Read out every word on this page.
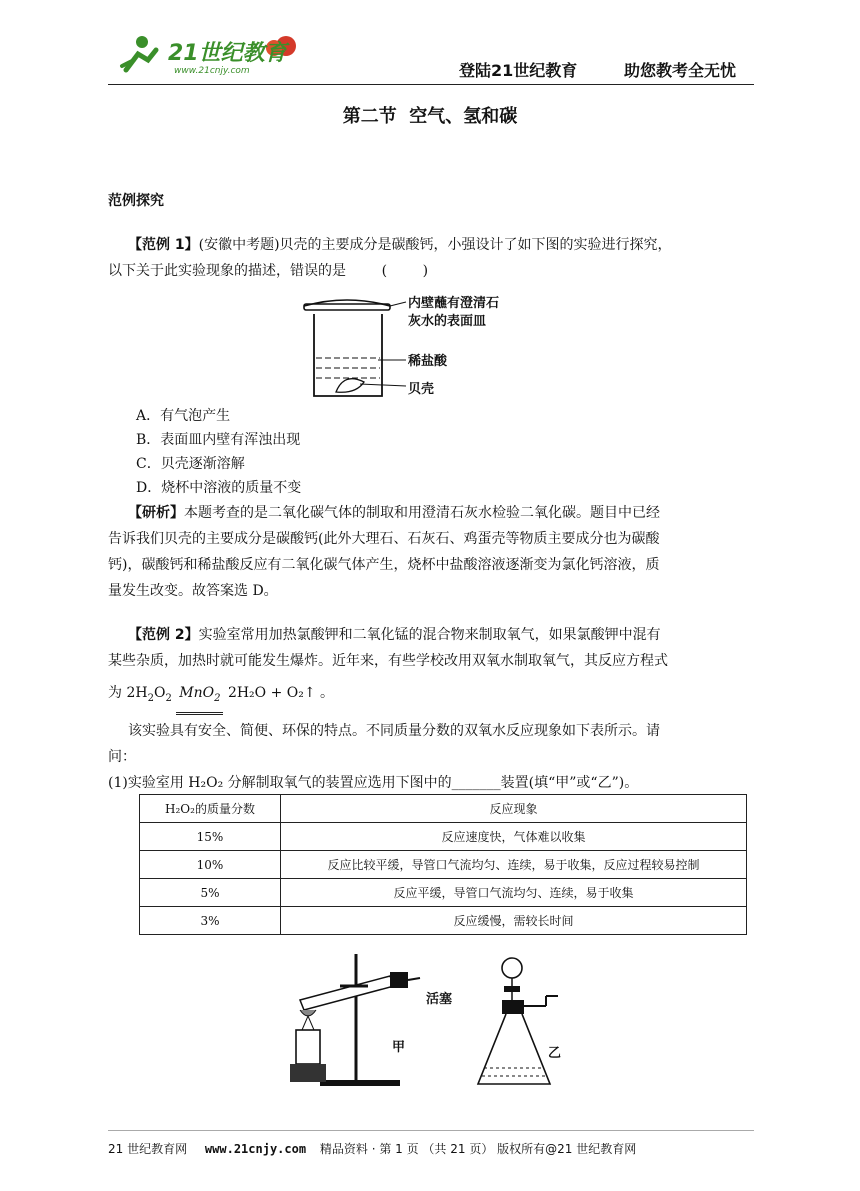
21世纪教育
www.21cnjy.com	登陆21世纪教育	助您教考全无忧
第二节  空气、氢和碳
范例探究
【范例 1】(安徽中考题)贝壳的主要成分是碳酸钙，小强设计了如下图的实验进行探究，
以下关于此实验现象的描述，错误的是        (        )
内壁蘸有澄清石
灰水的表面皿
稀盐酸
贝壳
A．有气泡产生
B．表面皿内壁有浑浊出现
C．贝壳逐渐溶解
D．烧杯中溶液的质量不变
【研析】本题考查的是二氧化碳气体的制取和用澄清石灰水检验二氧化碳。题目中已经
告诉我们贝壳的主要成分是碳酸钙(此外大理石、石灰石、鸡蛋壳等物质主要成分也为碳酸
钙)，碳酸钙和稀盐酸反应有二氧化碳气体产生，烧杯中盐酸溶液逐渐变为氯化钙溶液，质
量发生改变。故答案选 D。
【范例 2】实验室常用加热氯酸钾和二氧化锰的混合物来制取氧气，如果氯酸钾中混有
某些杂质，加热时就可能发生爆炸。近年来，有些学校改用双氧水制取氧气，其反应方程式
为 $2H_2O_2$ MnO$_2$ 2H₂O + O₂↑ 。
该实验具有安全、简便、环保的特点。不同质量分数的双氧水反应现象如下表所示。请
问：
(1)实验室用 H₂O₂ 分解制取氧气的装置应选用下图中的_______装置(填“甲”或“乙”)。
H₂O₂的质量分数	反应现象
15%	反应速度快，气体难以收集
10%	反应比较平缓，导管口气流均匀、连续，易于收集，反应过程较易控制
5%	反应平缓，导管口气流均匀、连续，易于收集
3%	反应缓慢，需较长时间
甲
活塞
乙
21 世纪教育网 www.21cnjy.com 精品资料 · 第 1 页 （共 21 页） 版权所有@21 世纪教育网
